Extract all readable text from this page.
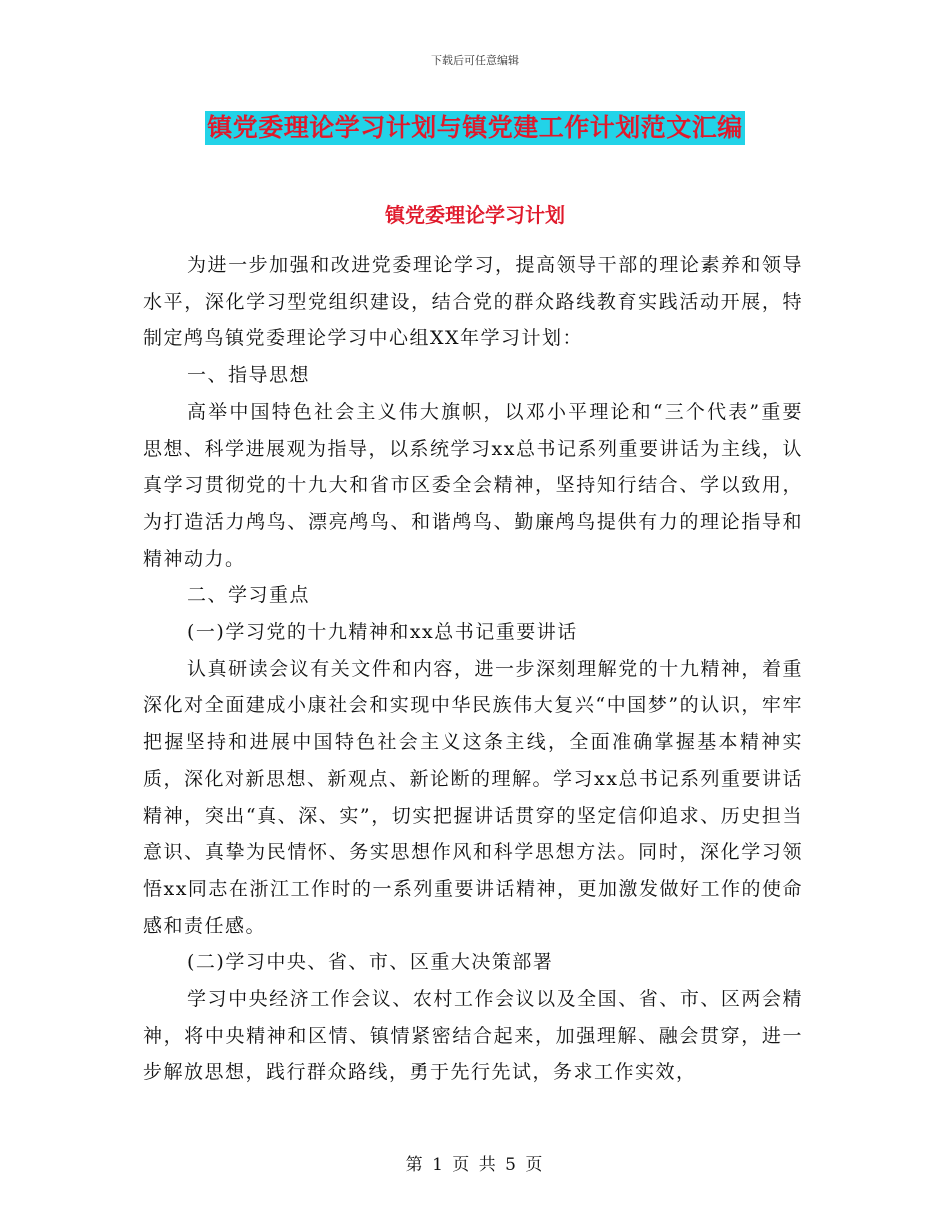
下载后可任意编辑
镇党委理论学习计划与镇党建工作计划范文汇编
镇党委理论学习计划

为进一步加强和改进党委理论学习，提高领导干部的理论素养和领导水平，深化学习型党组织建设，结合党的群众路线教育实践活动开展，特制定鸬鸟镇党委理论学习中心组XX年学习计划：

一、指导思想

高举中国特色社会主义伟大旗帜，以邓小平理论和“三个代表”重要思想、科学进展观为指导，以系统学习xx总书记系列重要讲话为主线，认真学习贯彻党的十九大和省市区委全会精神，坚持知行结合、学以致用，为打造活力鸬鸟、漂亮鸬鸟、和谐鸬鸟、勤廉鸬鸟提供有力的理论指导和精神动力。

二、学习重点

(一)学习党的十九精神和xx总书记重要讲话

认真研读会议有关文件和内容，进一步深刻理解党的十九精神，着重深化对全面建成小康社会和实现中华民族伟大复兴“中国梦”的认识，牢牢把握坚持和进展中国特色社会主义这条主线，全面准确掌握基本精神实质，深化对新思想、新观点、新论断的理解。学习xx总书记系列重要讲话精神，突出“真、深、实”，切实把握讲话贯穿的坚定信仰追求、历史担当意识、真挚为民情怀、务实思想作风和科学思想方法。同时，深化学习领悟xx同志在浙江工作时的一系列重要讲话精神，更加激发做好工作的使命感和责任感。

(二)学习中央、省、市、区重大决策部署

学习中央经济工作会议、农村工作会议以及全国、省、市、区两会精神，将中央精神和区情、镇情紧密结合起来，加强理解、融会贯穿，进一步解放思想，践行群众路线，勇于先行先试，务求工作实效，

第 1 页 共 5 页
